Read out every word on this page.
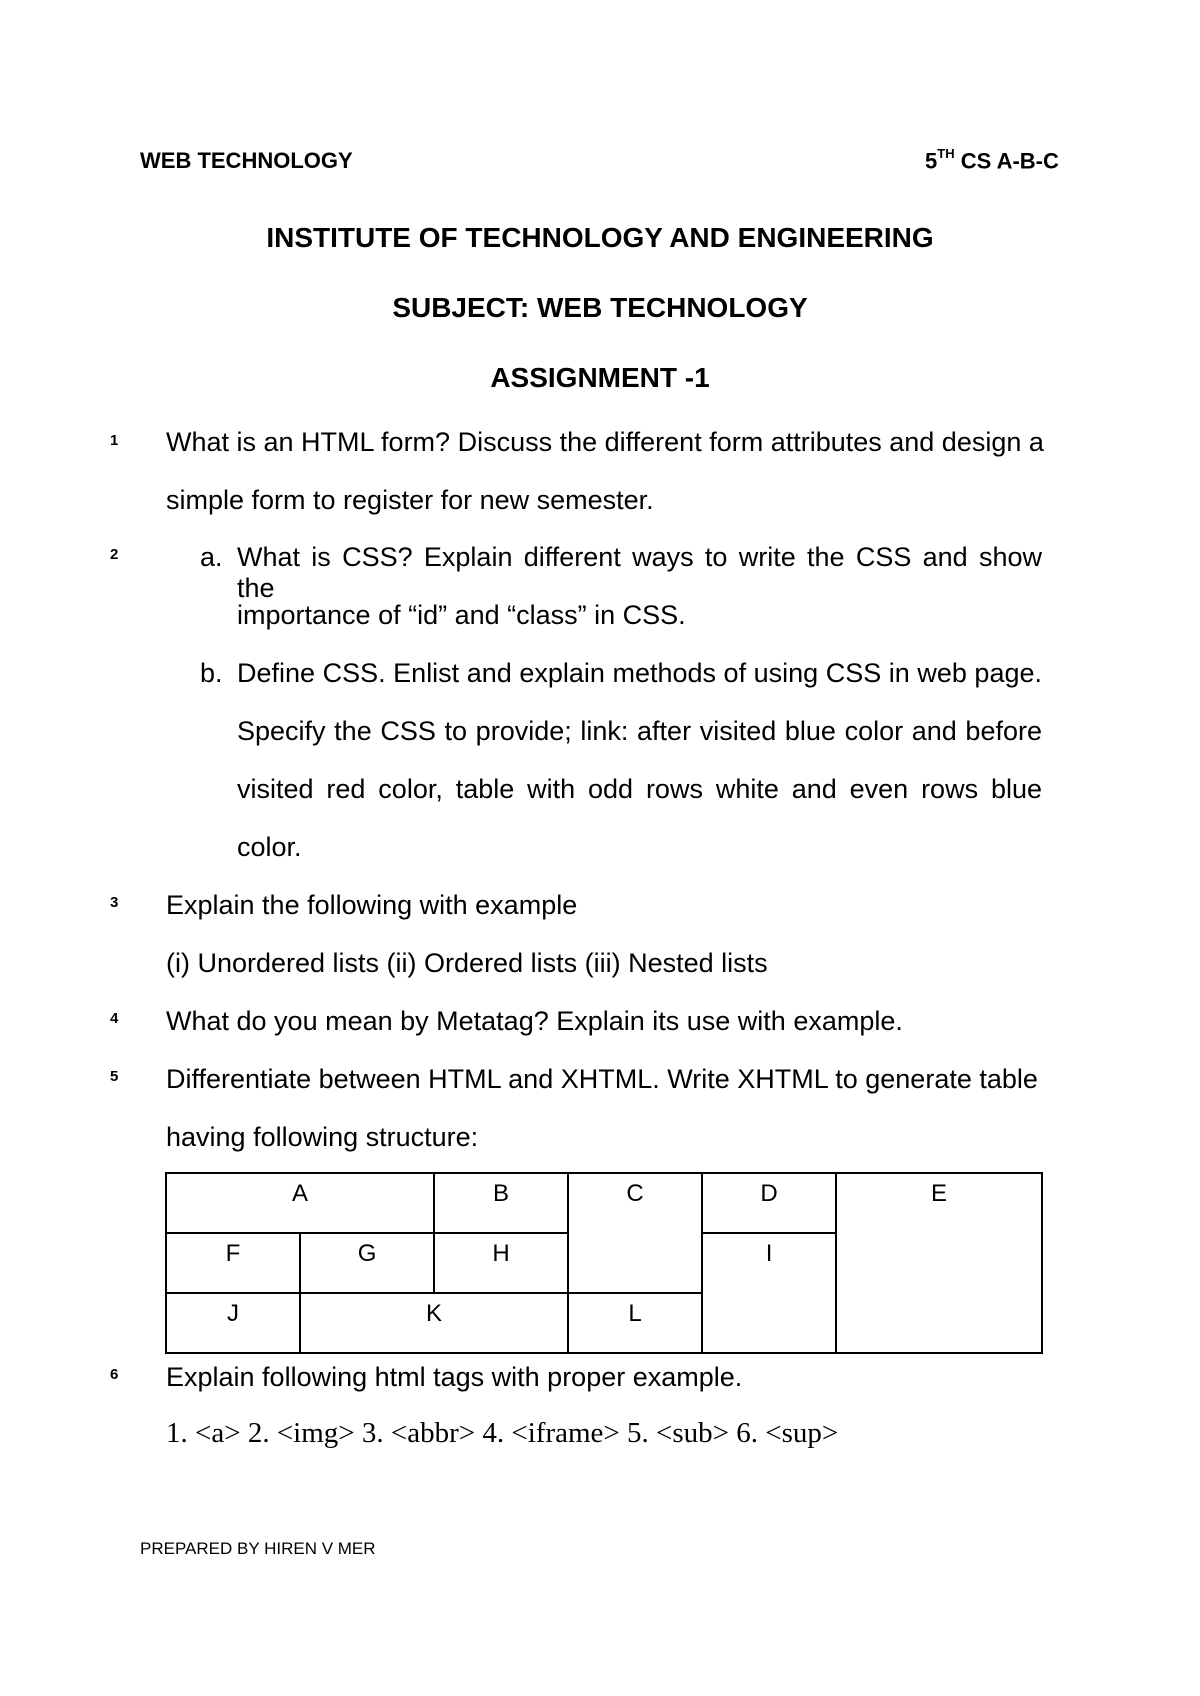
WEB TECHNOLOGY	5TH CS A-B-C
INSTITUTE OF TECHNOLOGY AND ENGINEERING
SUBJECT: WEB TECHNOLOGY
ASSIGNMENT -1
1 What is an HTML form? Discuss the different form attributes and design a
simple form to register for new semester.
2	a. What is CSS? Explain different ways to write the CSS and show the
importance of “id” and “class” in CSS.
b. Define CSS. Enlist and explain methods of using CSS in web page.
Specify the CSS to provide; link: after visited blue color and before
visited red color, table with odd rows white and even rows blue
color.
3 Explain the following with example
(i) Unordered lists (ii) Ordered lists (iii) Nested lists
4 What do you mean by Metatag? Explain its use with example.
5 Differentiate between HTML and XHTML. Write XHTML to generate table
having following structure:
A		B	C	D	E
F	G	H		I	
J	K		L		
6 Explain following html tags with proper example.
1. <a> 2. <img> 3. <abbr> 4. <iframe> 5. <sub> 6. <sup>
PREPARED BY HIREN V MER
